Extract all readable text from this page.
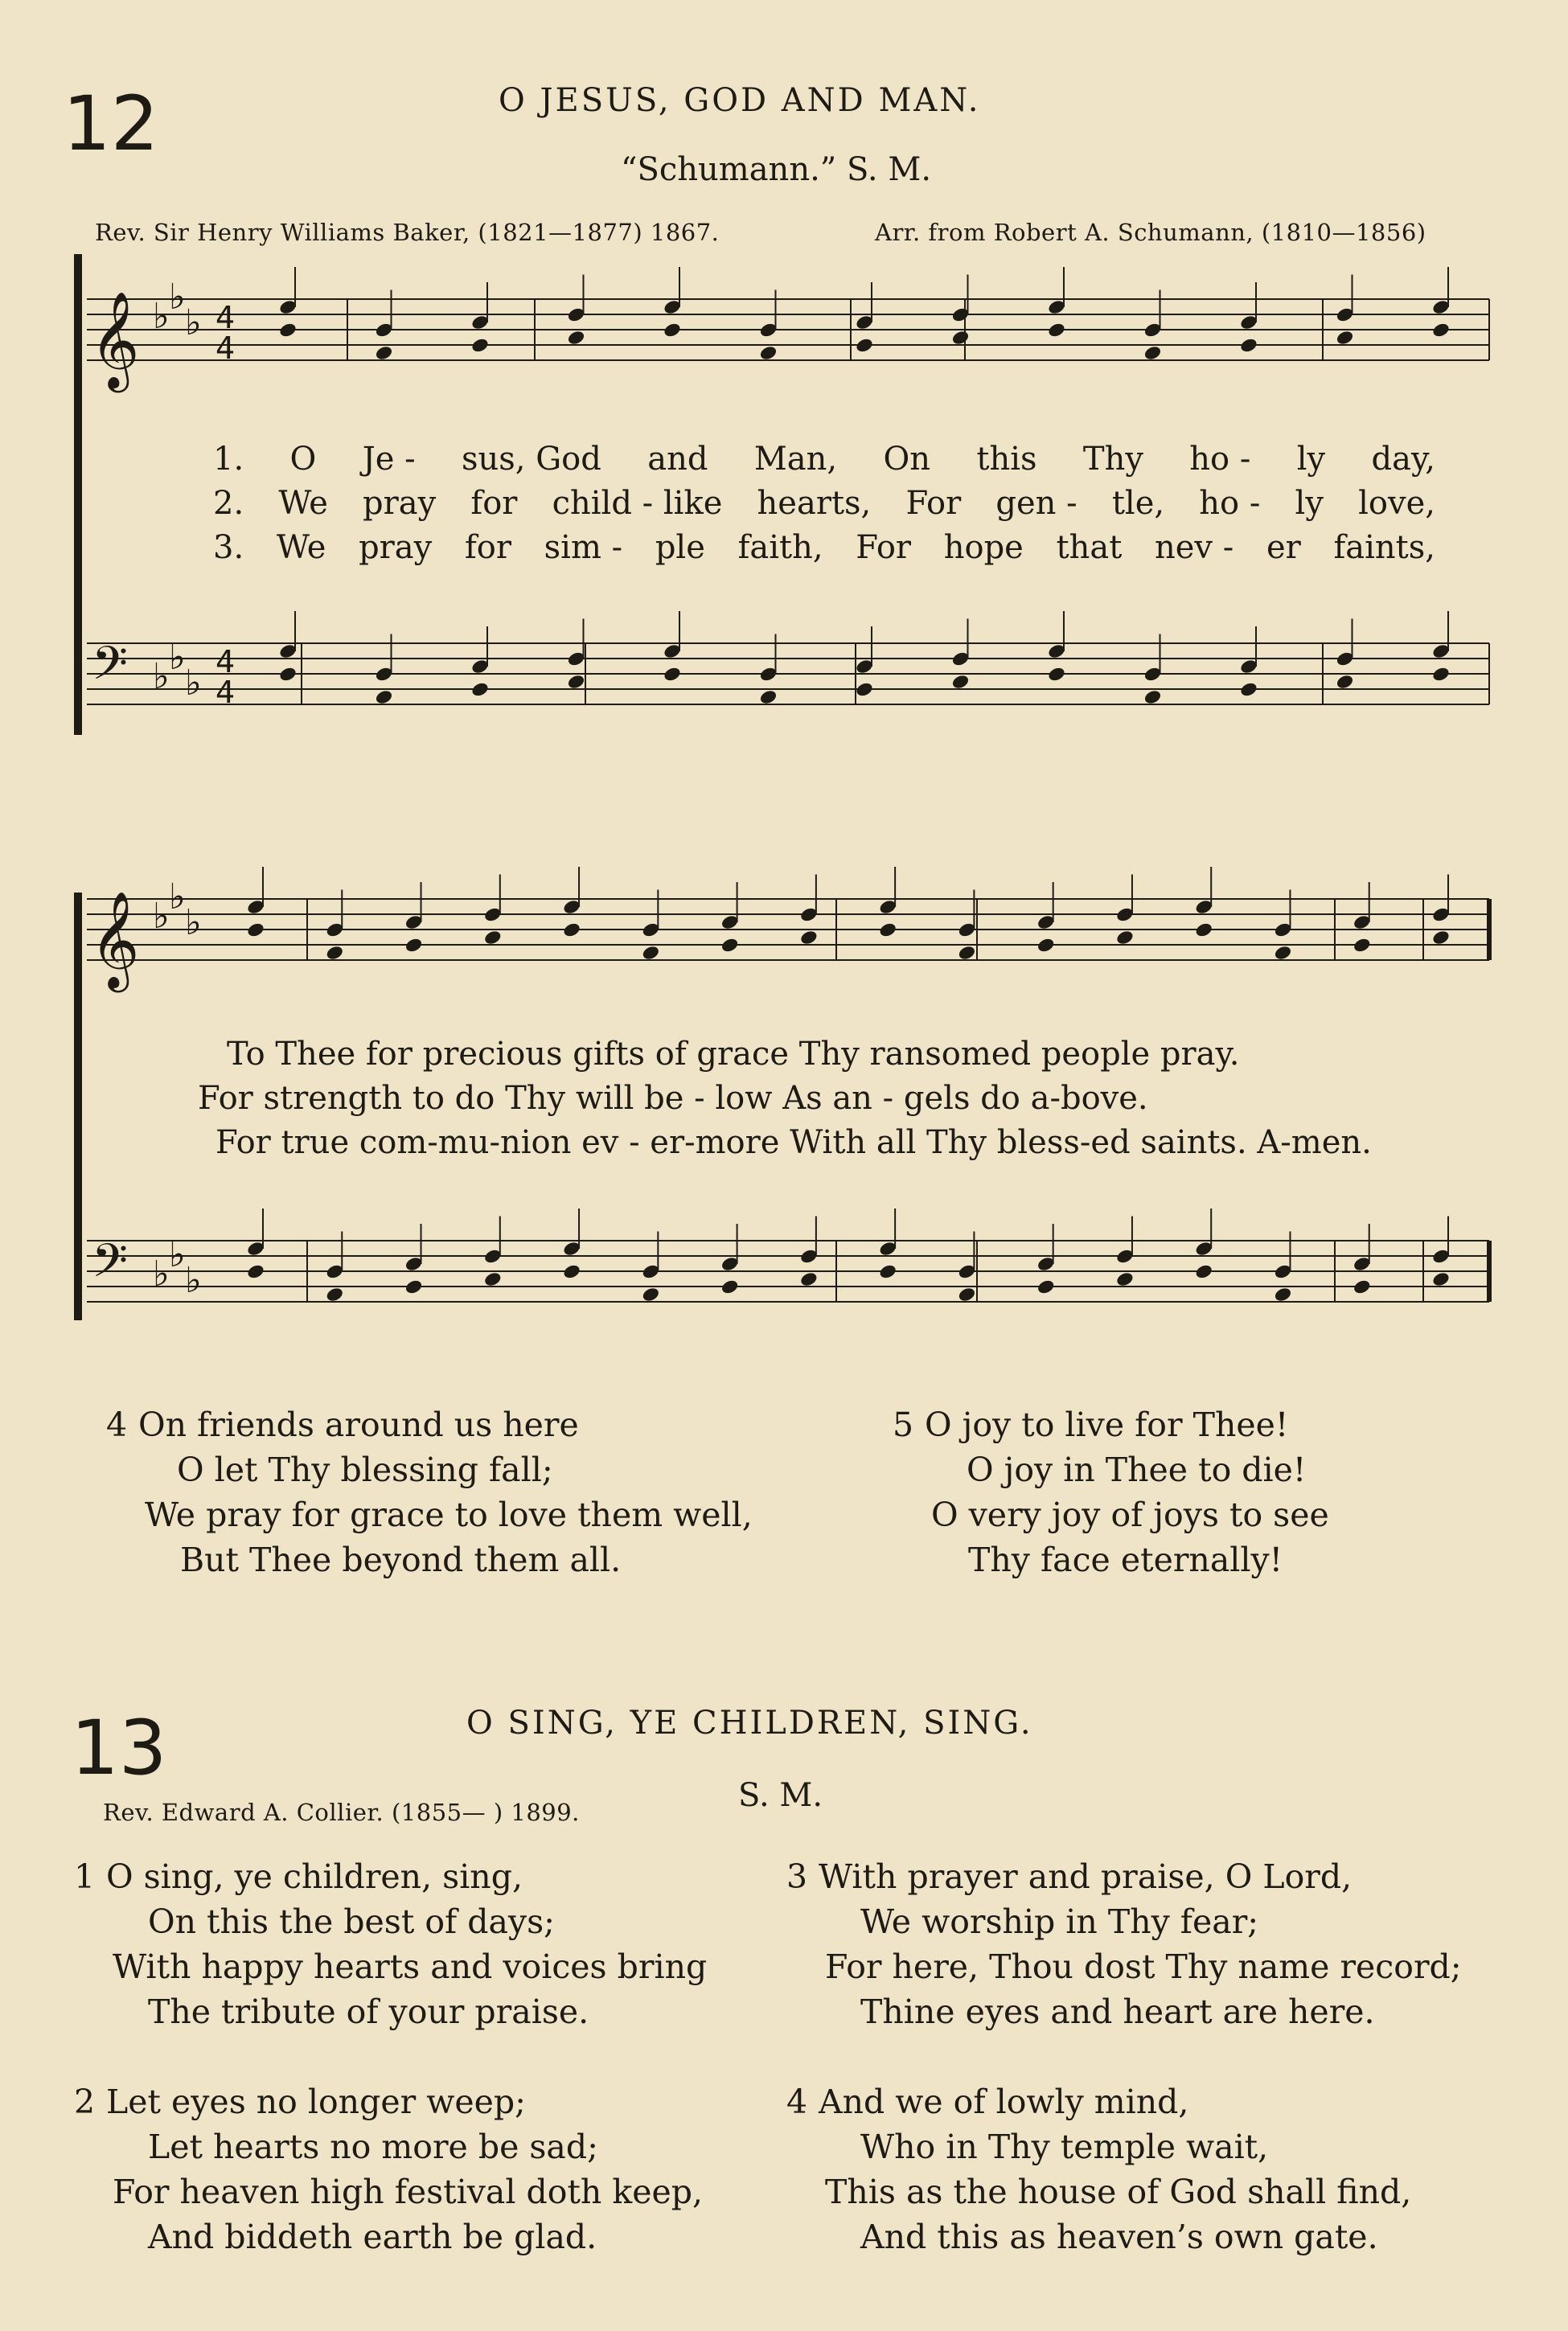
12	O JESUS, GOD AND MAN.
“Schumann.” S. M.
Rev. Sir Henry Williams Baker, (1821—1877) 1867.	Arr. from Robert A. Schumann, (1810—1856)
𝄞 ♭ ♭
♭ 4
4
𝄢 ♭ ♭
♭
4
4
𝄞 ♭ ♭
♭
𝄢 ♭ ♭
♭
1. O Je - sus, God and Man, On this Thy ho - ly day,
2. We pray for child - like hearts, For gen - tle, ho - ly love,
3. We pray for sim - ple faith, For hope that nev - er faints,
To Thee for precious gifts of grace Thy ransomed people pray.
For strength to do Thy will be - low As an - gels do a-bove.
For true com-mu-nion ev - er-more With all Thy bless-ed saints. A-men.
4 On friends around us here
O let Thy blessing fall;
We pray for grace to love them well,
But Thee beyond them all.
5 O joy to live for Thee!
O joy in Thee to die!
O very joy of joys to see
Thy face eternally!
13	O SING, YE CHILDREN, SING.
Rev. Edward A. Collier. (1855— ) 1899.	S. M.
1 O sing, ye children, sing,
On this the best of days;
With happy hearts and voices bring
The tribute of your praise.
2 Let eyes no longer weep;
Let hearts no more be sad;
For heaven high festival doth keep,
And biddeth earth be glad.
3 With prayer and praise, O Lord,
We worship in Thy fear;
For here, Thou dost Thy name record;
Thine eyes and heart are here.
4 And we of lowly mind,
Who in Thy temple wait,
This as the house of God shall find,
And this as heaven’s own gate.
